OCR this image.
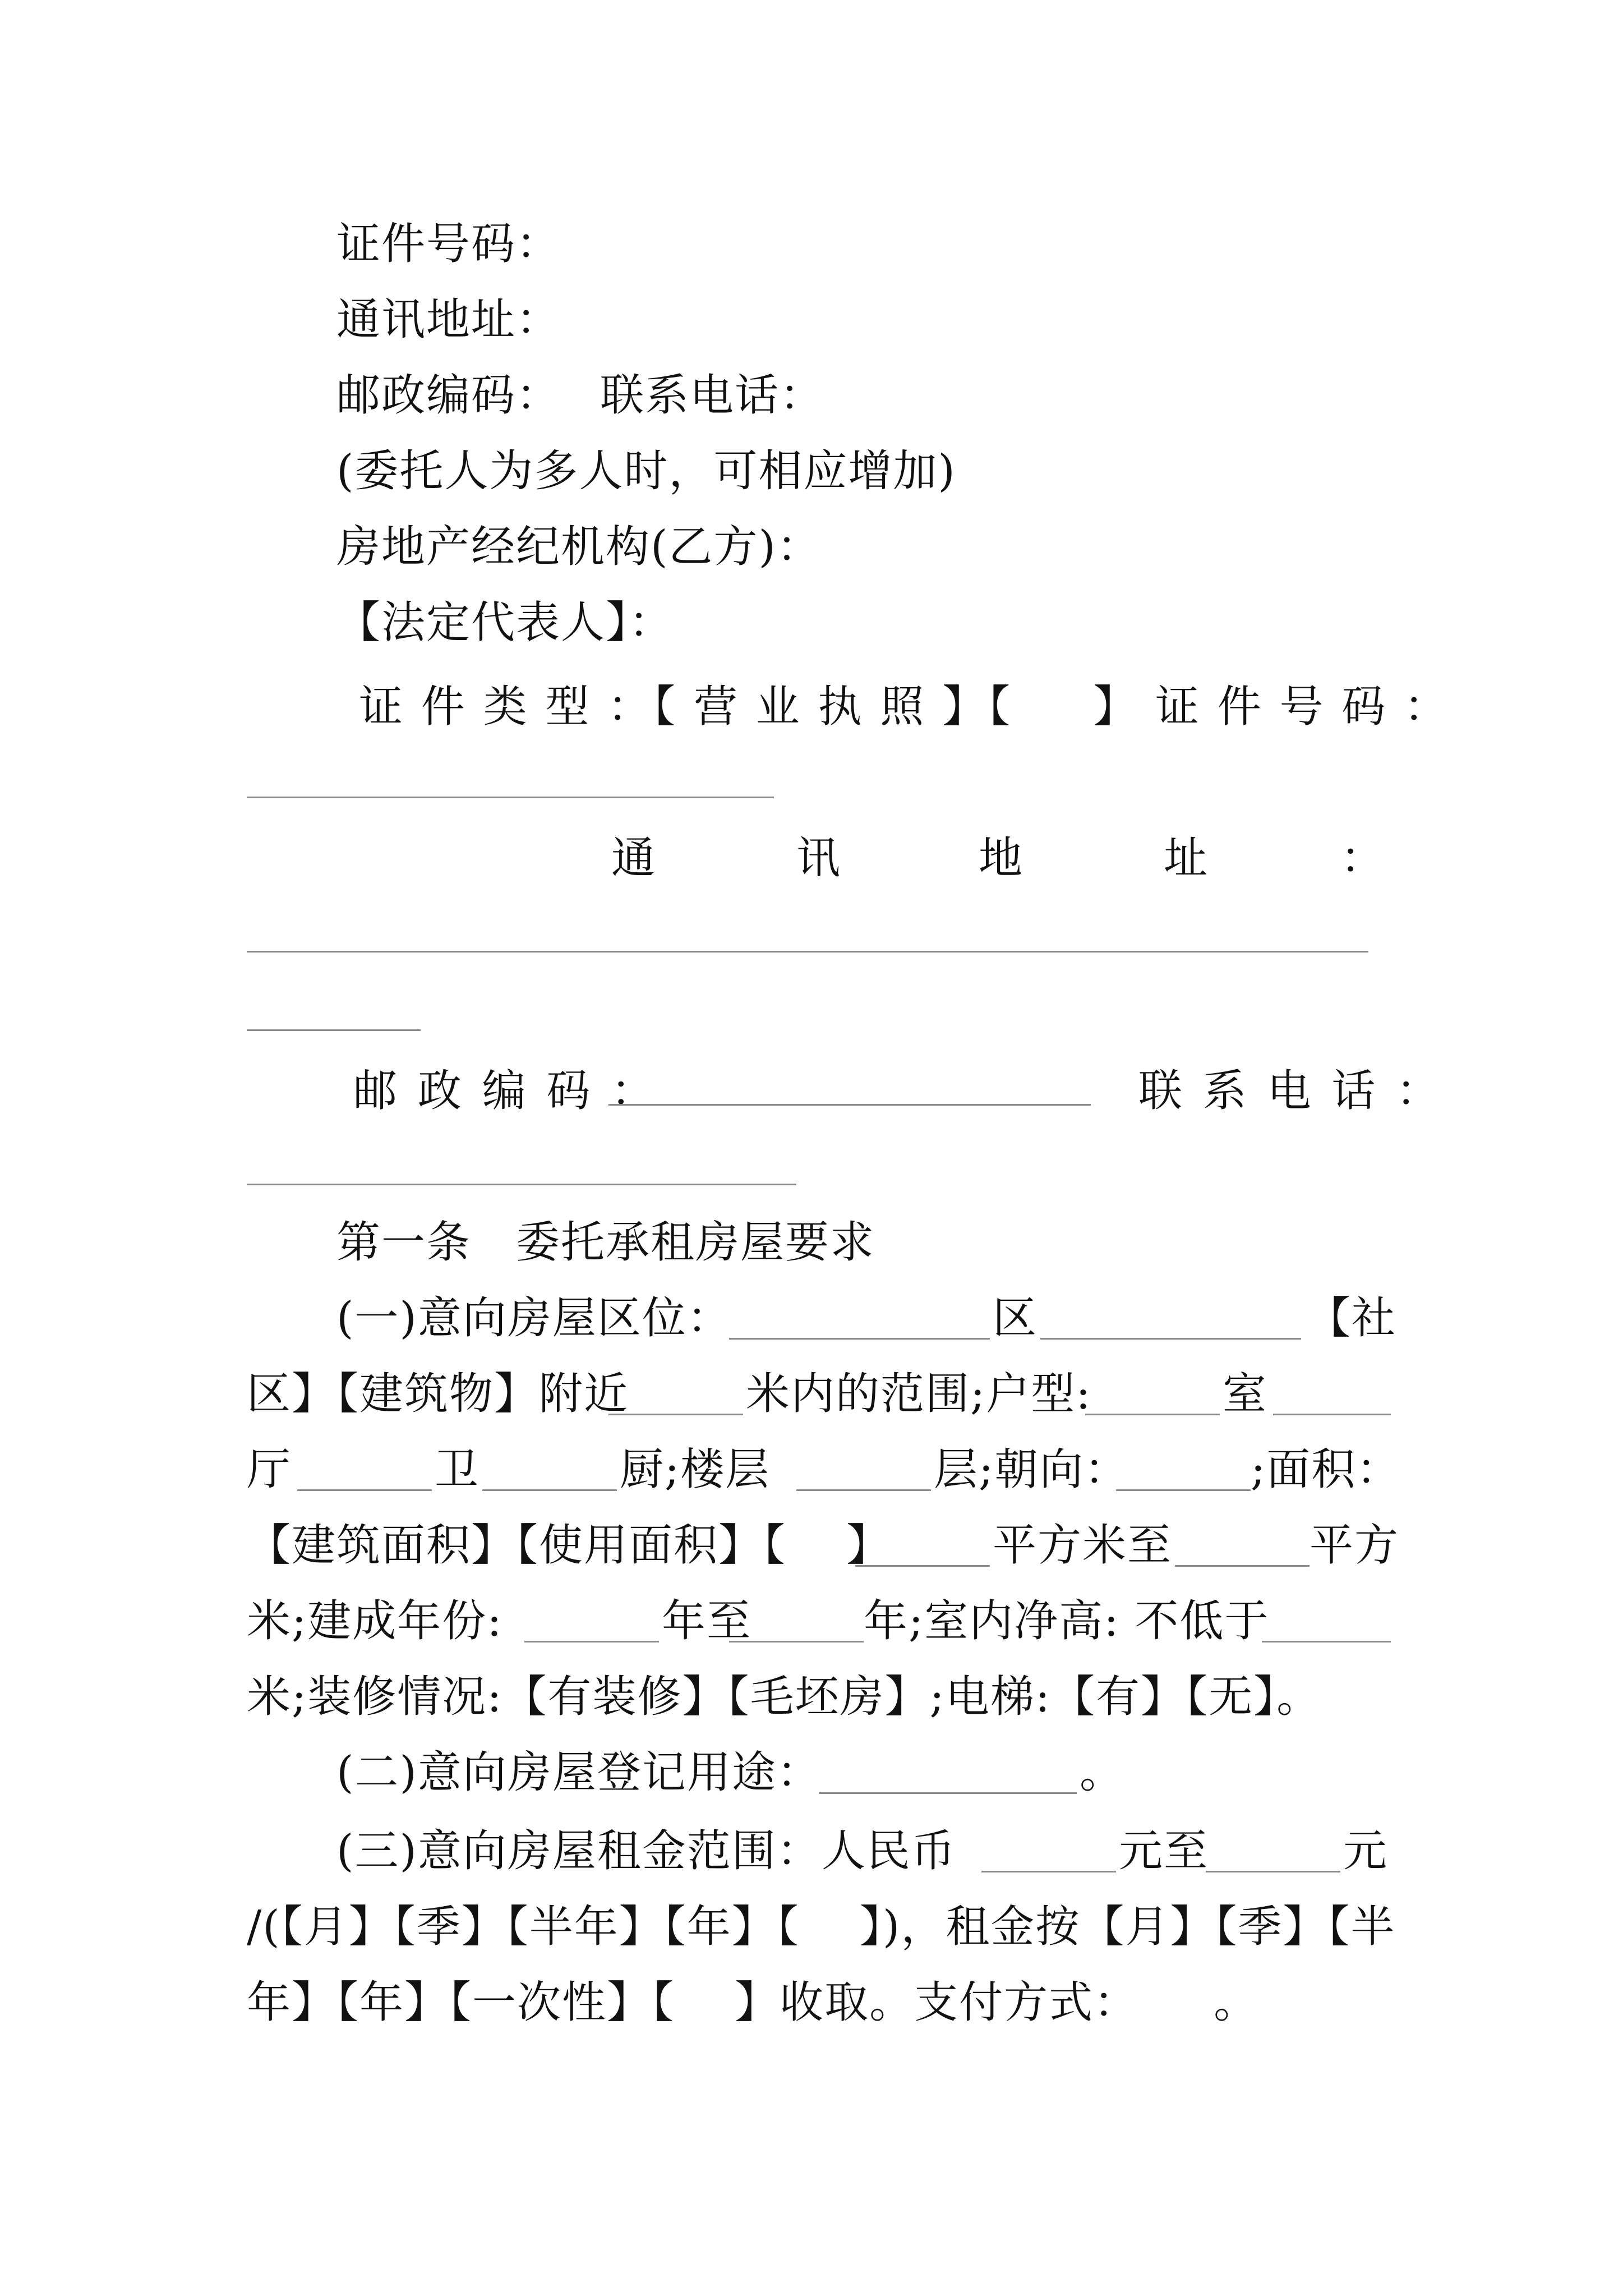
证件号码：
通讯地址：
邮政编码： 联系电话：
(委托人为多人时，可相应增加)
房地产经纪机构(乙方)：
【法定代表人】：
证 件 类 型 ：【 营 业 执 照 】【     】 证 件 号 码 ：
通	讯	地	址	：
邮 政 编 码 ：	联 系 电 话 ：
第一条　委托承租房屋要求
(一)意向房屋区位：	区	【社
区】【建筑物】附近	米内的范围;户型:	室
厅	卫	厨;楼层	层;朝向：	;面积：
【建筑面积】【使用面积】【    】 平方米至	平方
米;建成年份:	年至	年;室内净高: 不低于
米;装修情况:【有装修】【毛坯房】;电梯:【有】【无】。
(二)意向房屋登记用途：	。
(三)意向房屋租金范围：人民币	元至	元
/(【月】【季】【半年】【年】【    】)，租金按【月】【季】【半
年】【年】【一次性】【    】收取。支付方式：     。
